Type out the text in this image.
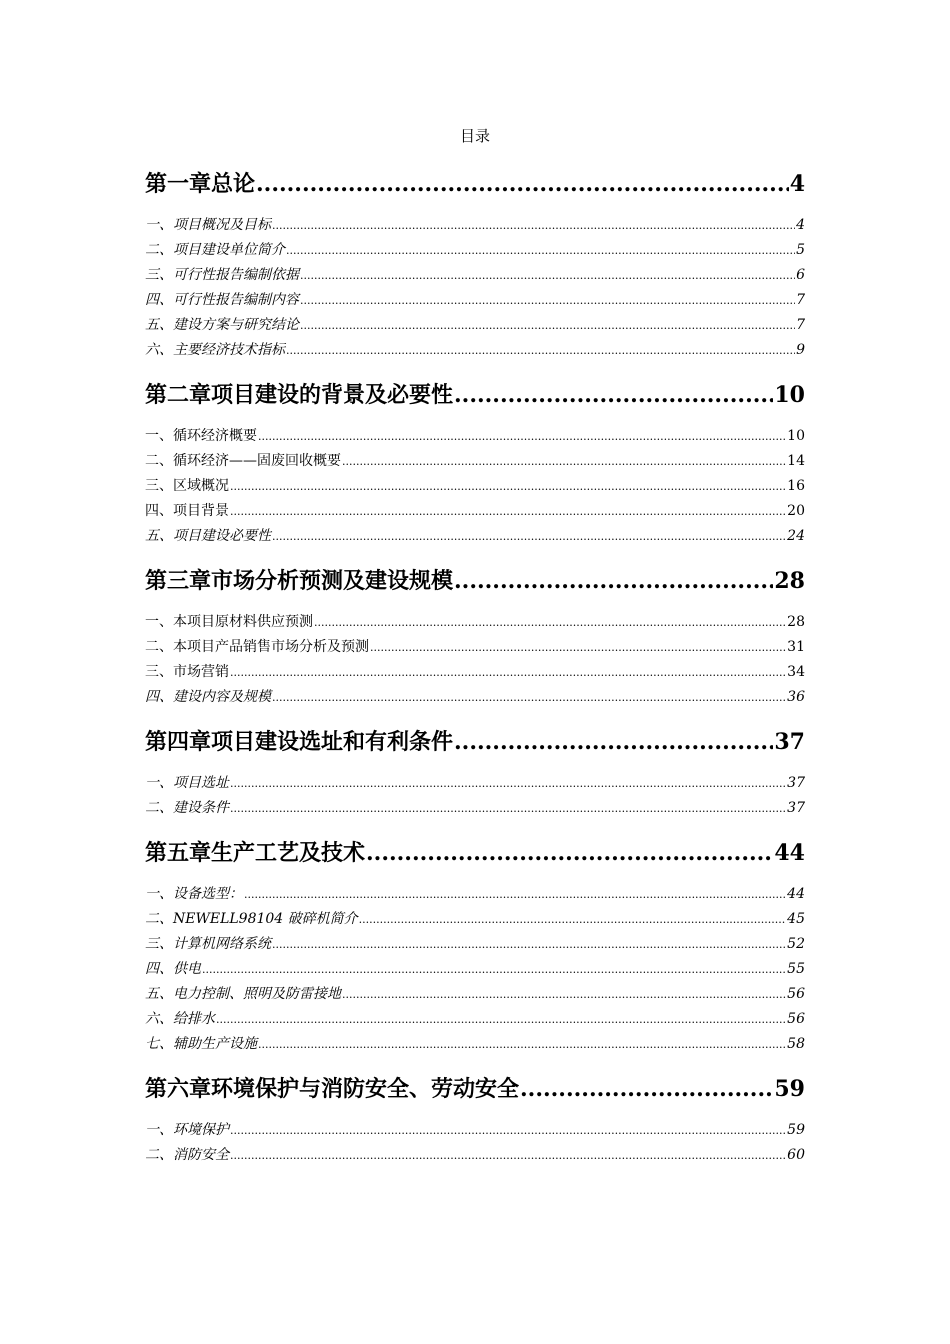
目录
第一章总论 .....	4
一、项目概况及目标 .....	4
二、项目建设单位简介 .....	5
三、可行性报告编制依据 .....	6
四、可行性报告编制内容 .....	7
五、建设方案与研究结论 .....	7
六、主要经济技术指标 .....	9
第二章项目建设的背景及必要性 .....	10
一、循环经济概要 .....	10
二、循环经济——固废回收概要 .....	14
三、区域概况 .....	16
四、项目背景 .....	20
五、项目建设必要性 .....	24
第三章市场分析预测及建设规模 .....	28
一、本项目原材料供应预测 .....	28
二、本项目产品销售市场分析及预测 .....	31
三、市场营销 .....	34
四、建设内容及规模 .....	36
第四章项目建设选址和有利条件 .....	37
一、项目选址 .....	37
二、建设条件 .....	37
第五章生产工艺及技术 .....	44
一、设备选型： .....	44
二、NEWELL98104 破碎机简介 .....	45
三、计算机网络系统 .....	52
四、供电 .....	55
五、电力控制、照明及防雷接地 .....	56
六、给排水 .....	56
七、辅助生产设施 .....	58
第六章环境保护与消防安全、劳动安全 .....	59
一、环境保护 .....	59
二、消防安全 .....	60
